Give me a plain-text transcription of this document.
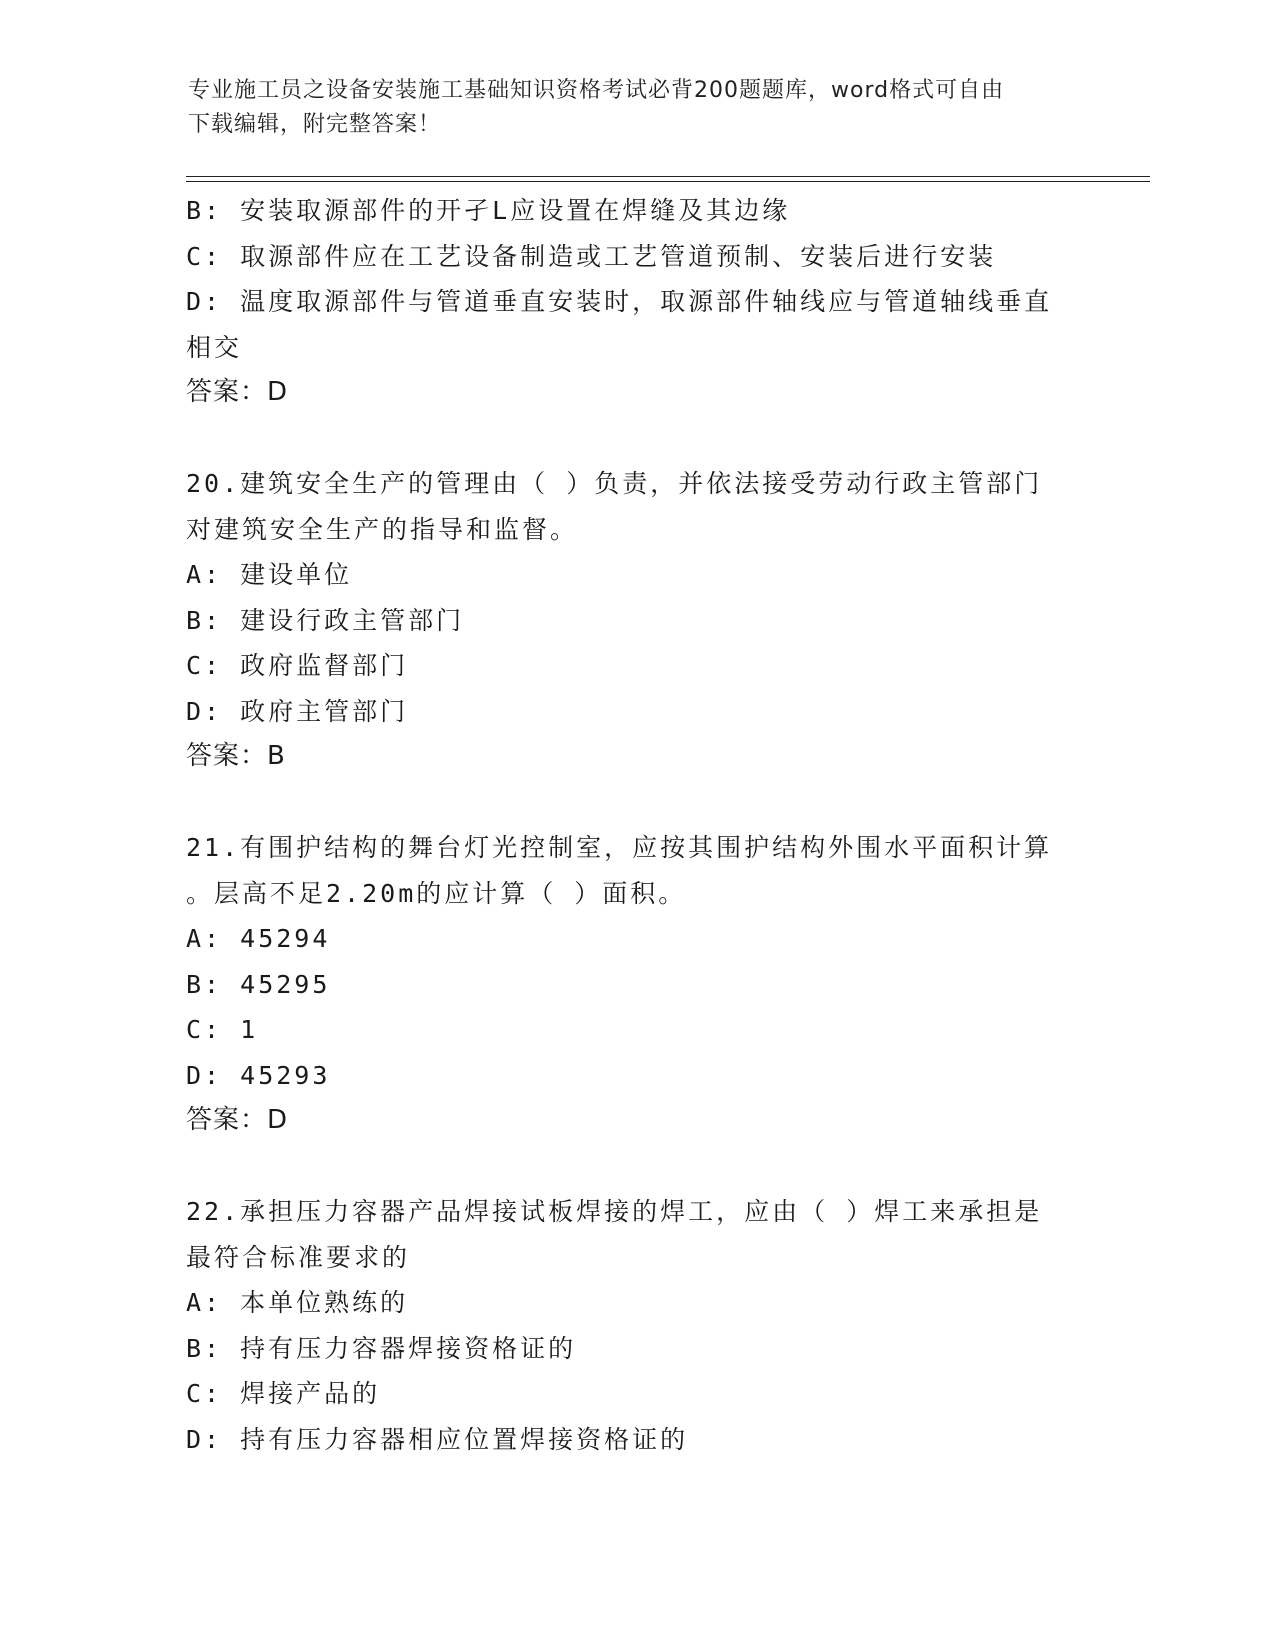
专业施工员之设备安装施工基础知识资格考试必背200题题库，word格式可自由
下载编辑，附完整答案！
B: 安装取源部件的开孑L应设置在焊缝及其边缘
C: 取源部件应在工艺设备制造或工艺管道预制、安装后进行安装
D: 温度取源部件与管道垂直安装时，取源部件轴线应与管道轴线垂直
相交
答案：D
20.建筑安全生产的管理由（ ）负责，并依法接受劳动行政主管部门
对建筑安全生产的指导和监督。
A: 建设单位
B: 建设行政主管部门
C: 政府监督部门
D: 政府主管部门
答案：B
21.有围护结构的舞台灯光控制室，应按其围护结构外围水平面积计算
。层高不足2.20m的应计算（ ）面积。
A: 45294
B: 45295
C: 1
D: 45293
答案：D
22.承担压力容器产品焊接试板焊接的焊工，应由（ ）焊工来承担是
最符合标准要求的
A: 本单位熟练的
B: 持有压力容器焊接资格证的
C: 焊接产品的
D: 持有压力容器相应位置焊接资格证的
